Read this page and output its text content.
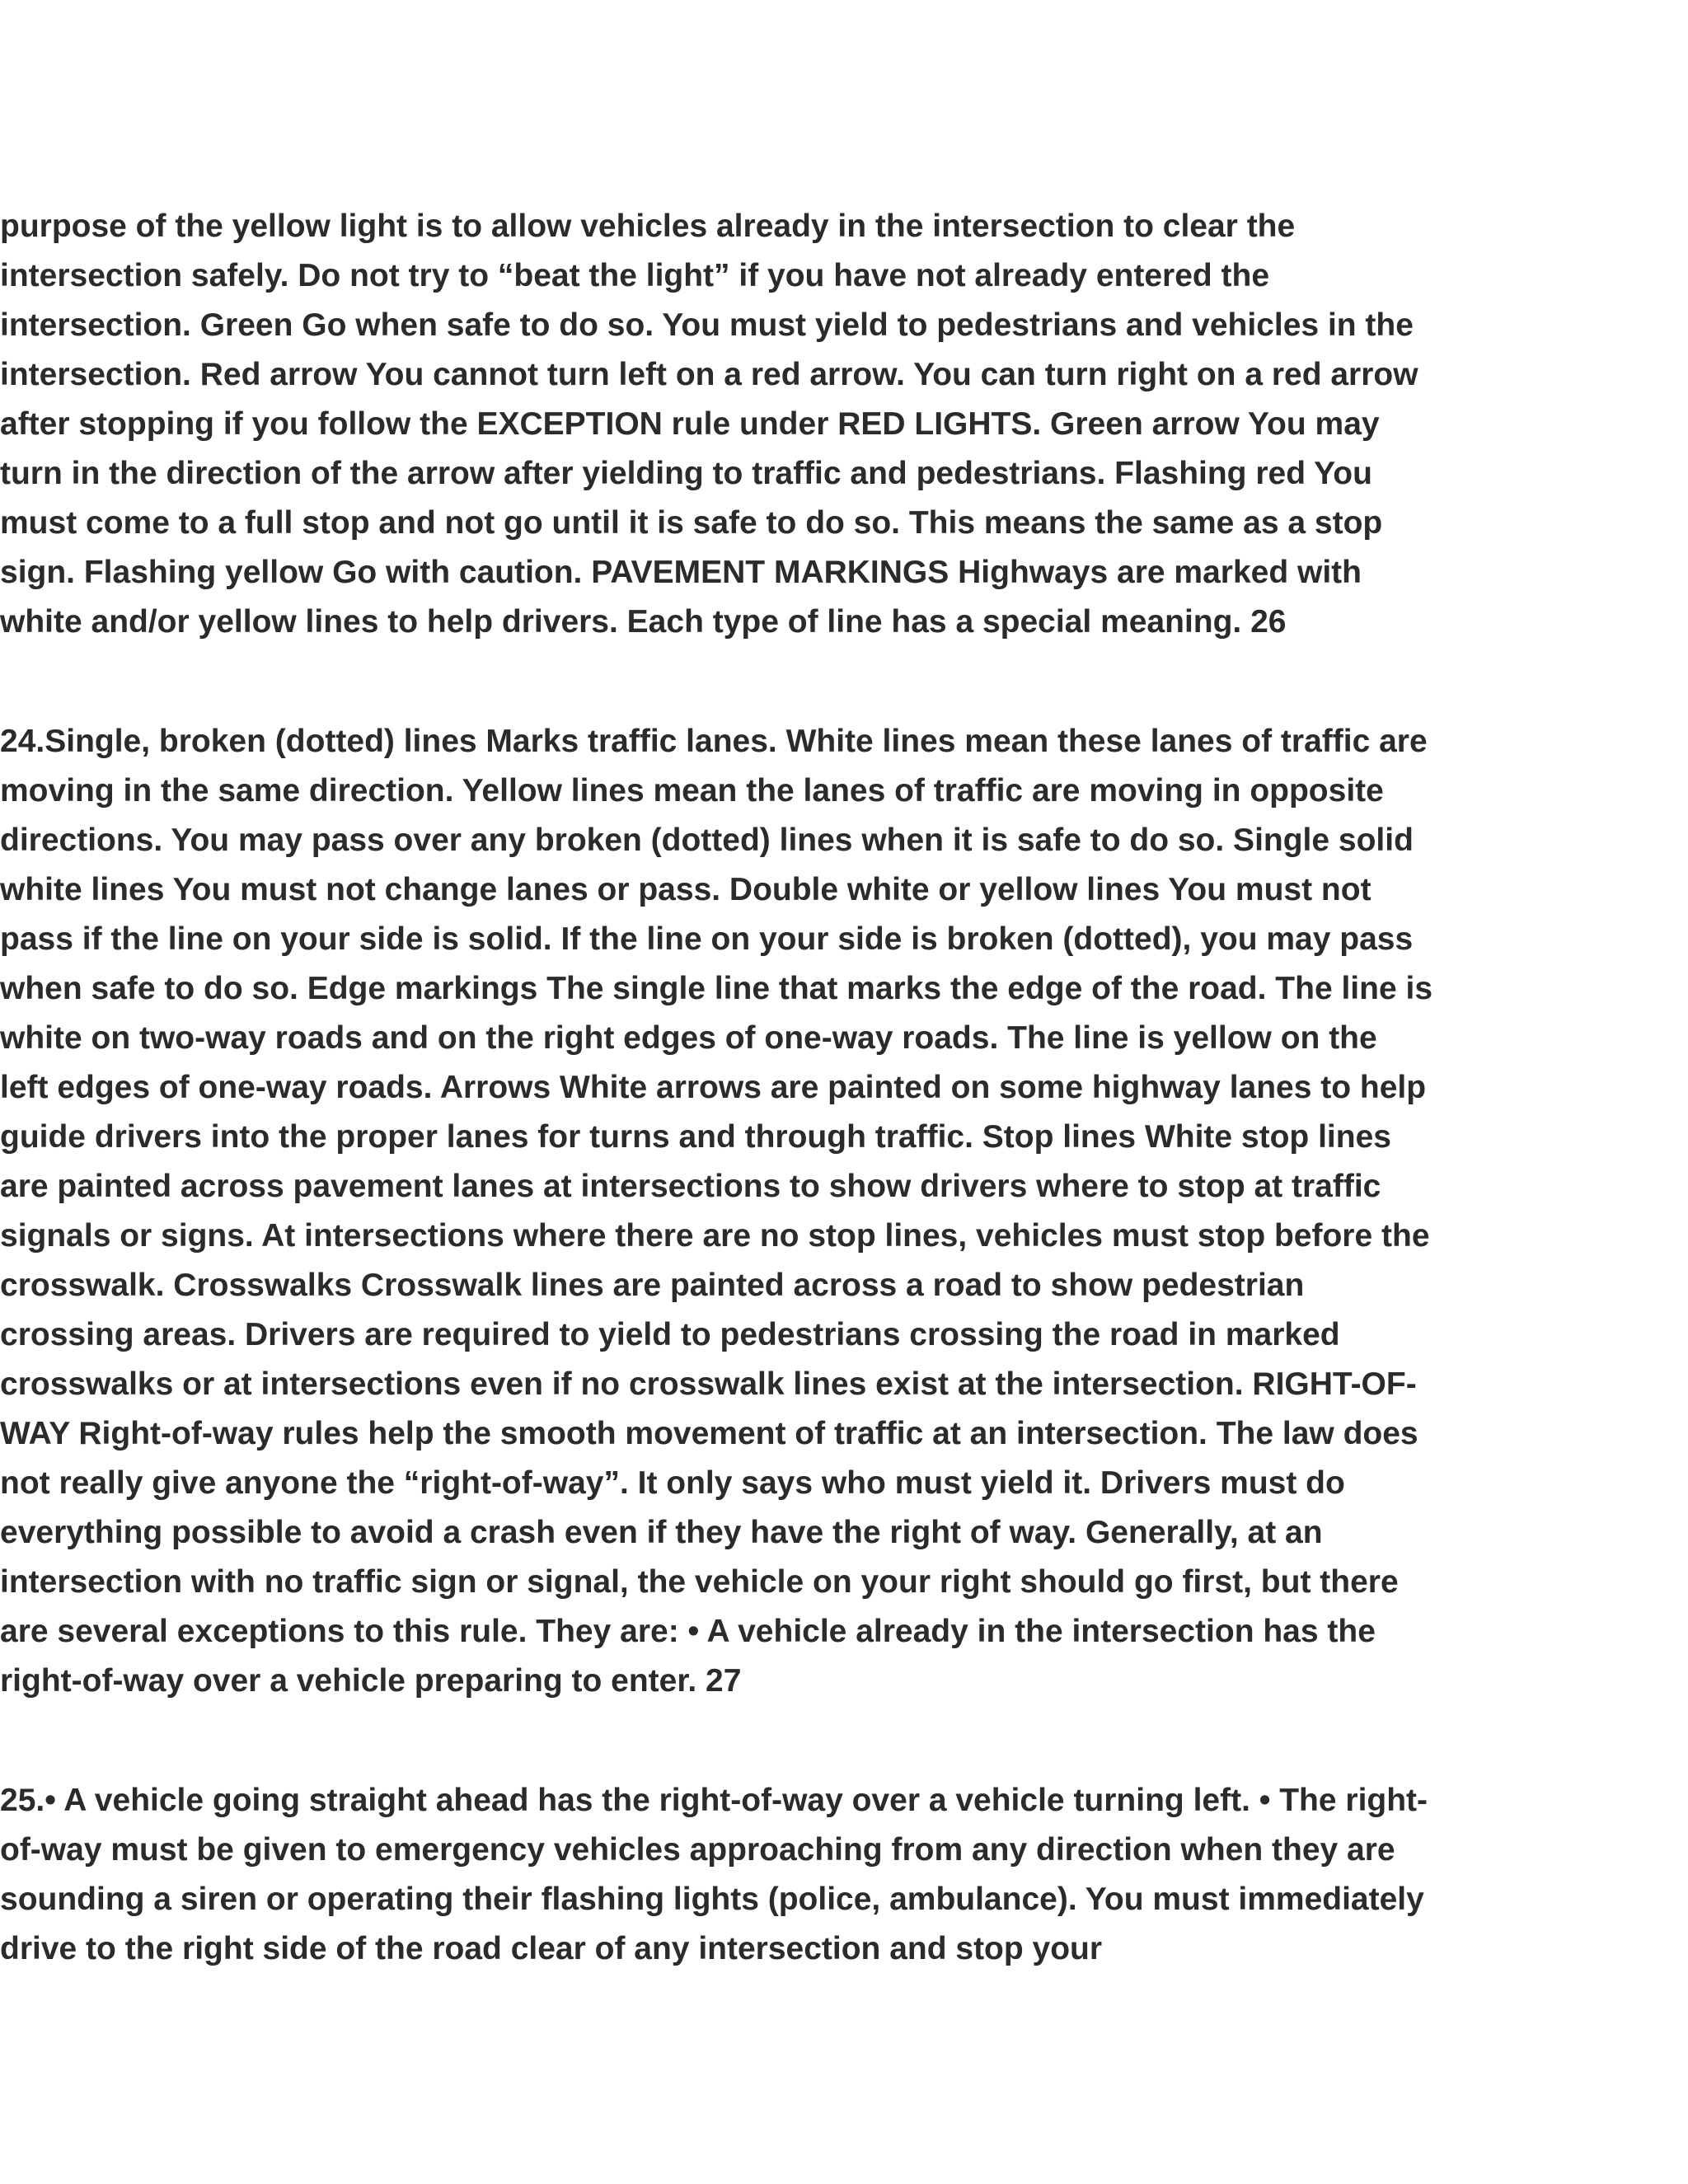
purpose of the yellow light is to allow vehicles already in the intersection to clear the intersection safely. Do not try to “beat the light” if you have not already entered the intersection. Green Go when safe to do so. You must yield to pedestrians and vehicles in the intersection. Red arrow You cannot turn left on a red arrow. You can turn right on a red arrow after stopping if you follow the EXCEPTION rule under RED LIGHTS. Green arrow You may turn in the direction of the arrow after yielding to traffic and pedestrians. Flashing red You must come to a full stop and not go until it is safe to do so. This means the same as a stop sign. Flashing yellow Go with caution. PAVEMENT MARKINGS Highways are marked with white and/or yellow lines to help drivers. Each type of line has a special meaning. 26

24.Single, broken (dotted) lines Marks traffic lanes. White lines mean these lanes of traffic are moving in the same direction. Yellow lines mean the lanes of traffic are moving in opposite directions. You may pass over any broken (dotted) lines when it is safe to do so. Single solid white lines You must not change lanes or pass. Double white or yellow lines You must not pass if the line on your side is solid. If the line on your side is broken (dotted), you may pass when safe to do so. Edge markings The single line that marks the edge of the road. The line is white on two-way roads and on the right edges of one-way roads. The line is yellow on the left edges of one-way roads. Arrows White arrows are painted on some highway lanes to help guide drivers into the proper lanes for turns and through traffic. Stop lines White stop lines are painted across pavement lanes at intersections to show drivers where to stop at traffic signals or signs. At intersections where there are no stop lines, vehicles must stop before the crosswalk. Crosswalks Crosswalk lines are painted across a road to show pedestrian crossing areas. Drivers are required to yield to pedestrians crossing the road in marked crosswalks or at intersections even if no crosswalk lines exist at the intersection. RIGHT-OF-WAY Right-of-way rules help the smooth movement of traffic at an intersection. The law does not really give anyone the “right-of-way”. It only says who must yield it. Drivers must do everything possible to avoid a crash even if they have the right of way. Generally, at an intersection with no traffic sign or signal, the vehicle on your right should go first, but there are several exceptions to this rule. They are: • A vehicle already in the intersection has the right-of-way over a vehicle preparing to enter. 27

25.• A vehicle going straight ahead has the right-of-way over a vehicle turning left. • The right-of-way must be given to emergency vehicles approaching from any direction when they are sounding a siren or operating their flashing lights (police, ambulance). You must immediately drive to the right side of the road clear of any intersection and stop your
